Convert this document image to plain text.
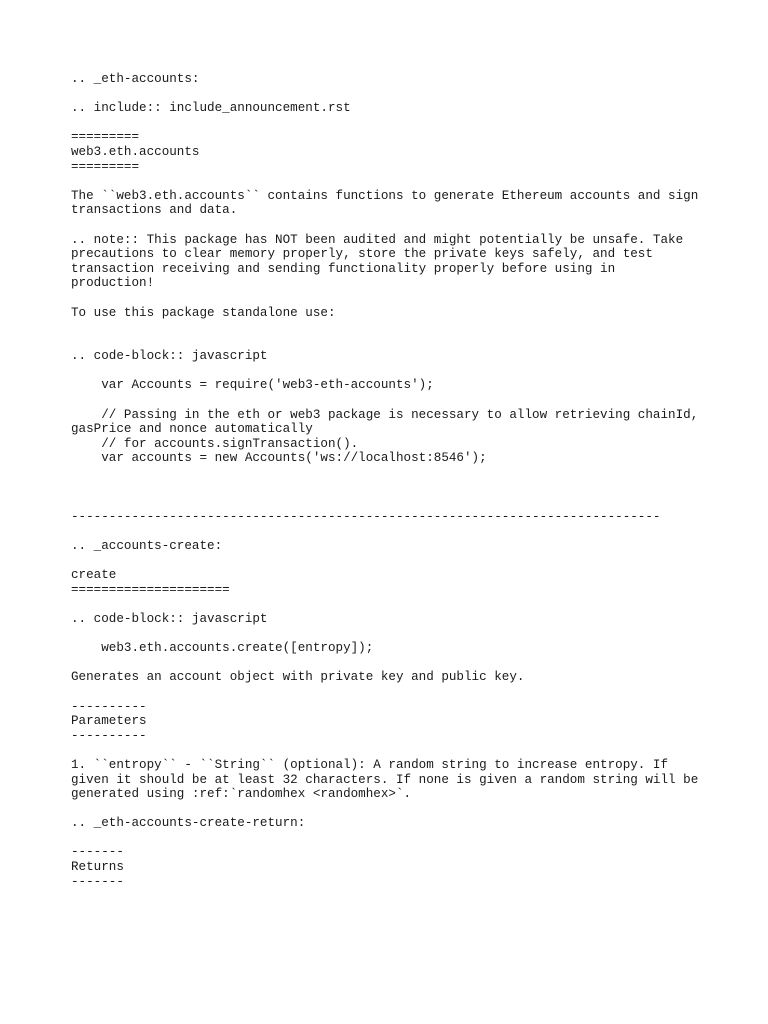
.. _eth-accounts:
.. include:: include_announcement.rst
=========
web3.eth.accounts
=========
The ``web3.eth.accounts`` contains functions to generate Ethereum accounts and sign
transactions and data.
.. note:: This package has NOT been audited and might potentially be unsafe. Take
precautions to clear memory properly, store the private keys safely, and test
transaction receiving and sending functionality properly before using in
production!
To use this package standalone use:
.. code-block:: javascript
var Accounts = require('web3-eth-accounts');
// Passing in the eth or web3 package is necessary to allow retrieving chainId,
gasPrice and nonce automatically
// for accounts.signTransaction().
var accounts = new Accounts('ws://localhost:8546');
------------------------------------------------------------------------------
.. _accounts-create:
create
=====================
.. code-block:: javascript
web3.eth.accounts.create([entropy]);
Generates an account object with private key and public key.
----------
Parameters
----------
1. ``entropy`` - ``String`` (optional): A random string to increase entropy. If
given it should be at least 32 characters. If none is given a random string will be
generated using :ref:`randomhex <randomhex>`.
.. _eth-accounts-create-return:
-------
Returns
-------
